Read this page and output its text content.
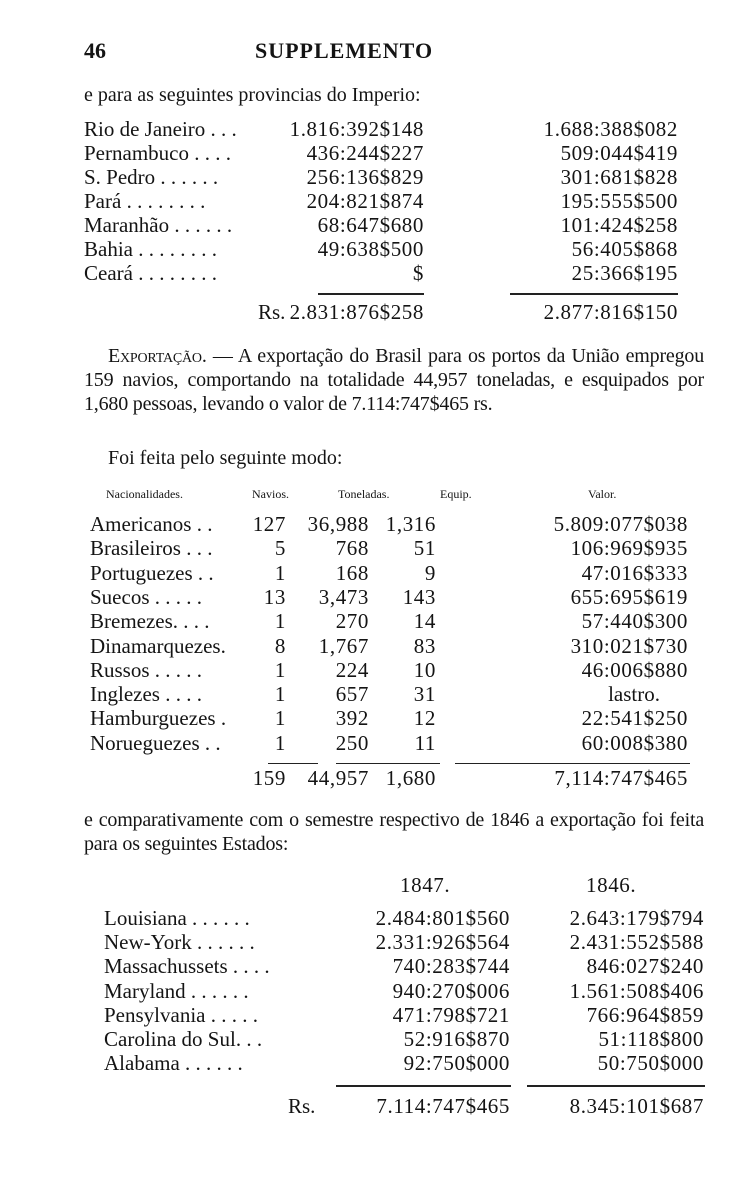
46	SUPPLEMENTO
e para as seguintes provincias do Imperio:
Rio de Janeiro . . .	1.816:392$148	1.688:388$082
Pernambuco . . . .	436:244$227	509:044$419
S. Pedro . . . . . .	256:136$829	301:681$828
Pará . . . . . . . .	204:821$874	195:555$500
Maranhão . . . . . .	68:647$680	101:424$258
Bahia . . . . . . . .	49:638$500	56:405$868
Ceará . . . . . . . .	$	25:366$195
Rs. 2.831:876$258	2.877:816$150
Exportação. — A exportação do Brasil para os portos da União empregou 159 navios, comportando na totalidade 44,957 toneladas, e esquipados por 1,680 pessoas, levando o valor de 7.114:747$465 rs.
Foi feita pelo seguinte modo:
Nacionalidades.	Navios.	Toneladas.	Equip.	Valor.
Americanos . . 127 36,988 1,316	5.809:077$038
Brasileiros . . .	5 768 51	106:969$935
Portuguezes . .	1 168	9	47:016$333
Suecos . . . . .	13 3,473 143	655:695$619
Bremezes. . . .	1 270 14	57:440$300
Dinamarquezes. 8 1,767 83	310:021$730
Russos . . . . .	1 224 10	46:006$880
Inglezes . . . .	1 657 31	lastro.
Hamburguezes . 1 392 12	22:541$250
Norueguezes . .	1 250 11	60:008$380
159 44,957 1,680	7,114:747$465
e comparativamente com o semestre respectivo de 1846 a exportação foi feita para os seguintes Estados:
1847.	1846.
Louisiana . . . . . .	2.484:801$560	2.643:179$794
New-York . . . . . .	2.331:926$564	2.431:552$588
Massachussets . . . .	740:283$744	846:027$240
Maryland . . . . . .	940:270$006	1.561:508$406
Pensylvania . . . . .	471:798$721	766:964$859
Carolina do Sul. . .	52:916$870	51:118$800
Alabama . . . . . .	92:750$000	50:750$000
Rs.	7.114:747$465	8.345:101$687
